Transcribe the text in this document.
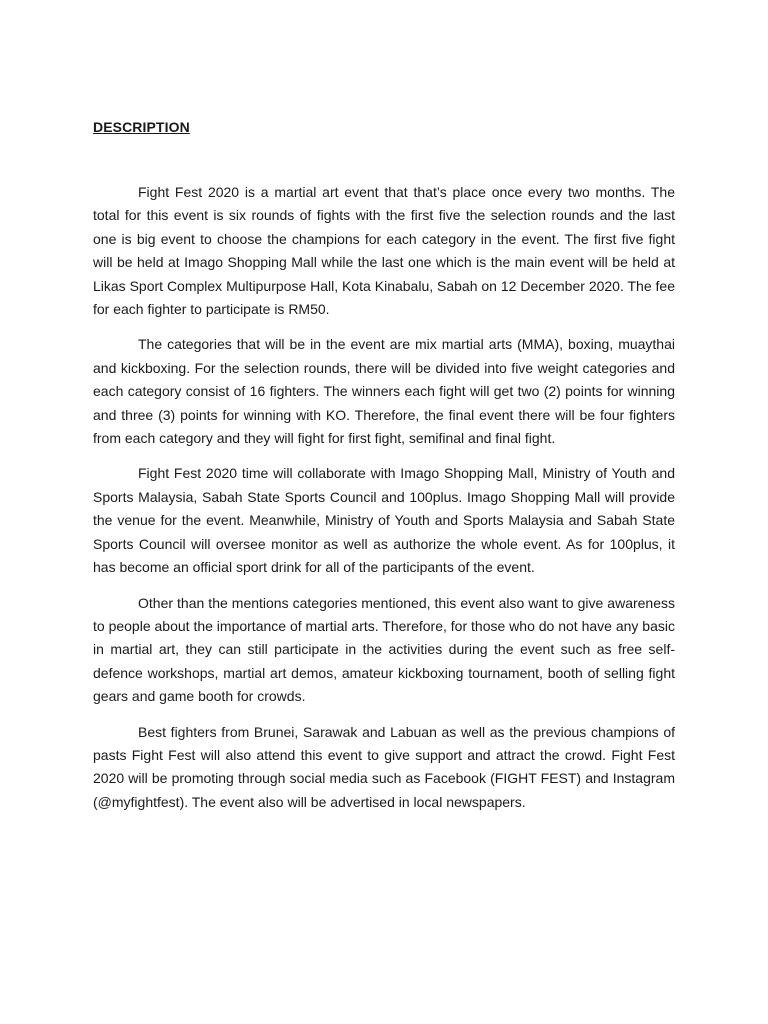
DESCRIPTION

Fight Fest 2020 is a martial art event that that’s place once every two months. The total for this event is six rounds of fights with the first five the selection rounds and the last one is big event to choose the champions for each category in the event. The first five fight will be held at Imago Shopping Mall while the last one which is the main event will be held at Likas Sport Complex Multipurpose Hall, Kota Kinabalu, Sabah on 12 December 2020. The fee for each fighter to participate is RM50.

The categories that will be in the event are mix martial arts (MMA), boxing, muaythai and kickboxing. For the selection rounds, there will be divided into five weight categories and each category consist of 16 fighters. The winners each fight will get two (2) points for winning and three (3) points for winning with KO. Therefore, the final event there will be four fighters from each category and they will fight for first fight, semifinal and final fight.

Fight Fest 2020 time will collaborate with Imago Shopping Mall, Ministry of Youth and Sports Malaysia, Sabah State Sports Council and 100plus. Imago Shopping Mall will provide the venue for the event. Meanwhile, Ministry of Youth and Sports Malaysia and Sabah State Sports Council will oversee monitor as well as authorize the whole event. As for 100plus, it has become an official sport drink for all of the participants of the event.

Other than the mentions categories mentioned, this event also want to give awareness to people about the importance of martial arts. Therefore, for those who do not have any basic in martial art, they can still participate in the activities during the event such as free self-defence workshops, martial art demos, amateur kickboxing tournament, booth of selling fight gears and game booth for crowds.

Best fighters from Brunei, Sarawak and Labuan as well as the previous champions of pasts Fight Fest will also attend this event to give support and attract the crowd. Fight Fest 2020 will be promoting through social media such as Facebook (FIGHT FEST) and Instagram (@myfightfest). The event also will be advertised in local newspapers.
